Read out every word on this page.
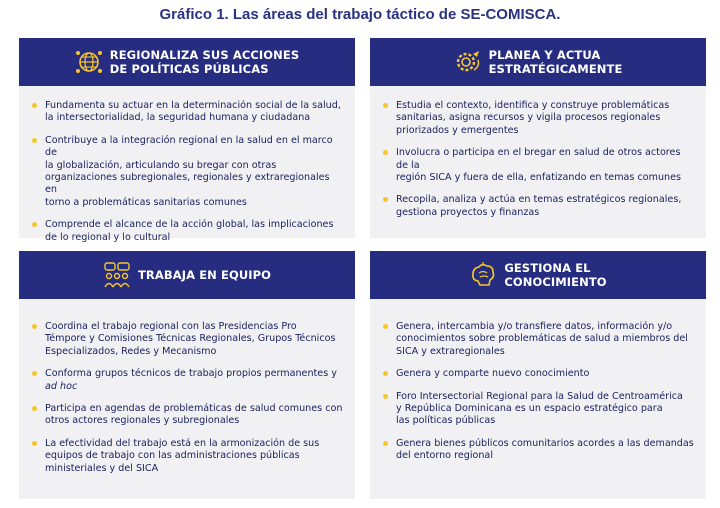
Gráfico 1. Las áreas del trabajo táctico de SE-COMISCA.
REGIONALIZA SUS ACCIONES
DE POLÍTICAS PÚBLICAS
Fundamenta su actuar en la determinación social de la salud,
la intersectorialidad, la seguridad humana y ciudadana
Contribuye a la integración regional en la salud en el marco de
la globalización, articulando su bregar con otras
organizaciones subregionales, regionales y extraregionales en
torno a problemáticas sanitarias comunes
Comprende el alcance de la acción global, las implicaciones
de lo regional y lo cultural
PLANEA Y ACTUA
ESTRATÉGICAMENTE
Estudia el contexto, identifica y construye problemáticas
sanitarias, asigna recursos y vigila procesos regionales
priorizados y emergentes
Involucra o participa en el bregar en salud de otros actores de la
región SICA y fuera de ella, enfatizando en temas comunes
Recopila, analiza y actúa en temas estratégicos regionales,
gestiona proyectos y finanzas
TRABAJA EN EQUIPO
Coordina el trabajo regional con las Presidencias Pro
Témpore y Comisiones Técnicas Regionales, Grupos Técnicos
Especializados, Redes y Mecanismo
Conforma grupos técnicos de trabajo propios permanentes y
ad hoc
Participa en agendas de problemáticas de salud comunes con
otros actores regionales y subregionales
La efectividad del trabajo está en la armonización de sus
equipos de trabajo con las administraciones públicas
ministeriales y del SICA
GESTIONA EL
CONOCIMIENTO
Genera, intercambia y/o transfiere datos, información y/o
conocimientos sobre problemáticas de salud a miembros del
SICA y extraregionales
Genera y comparte nuevo conocimiento
Foro Intersectorial Regional para la Salud de Centroamérica
y República Dominicana es un espacio estratégico para
las políticas públicas
Genera bienes públicos comunitarios acordes a las demandas
del entorno regional
